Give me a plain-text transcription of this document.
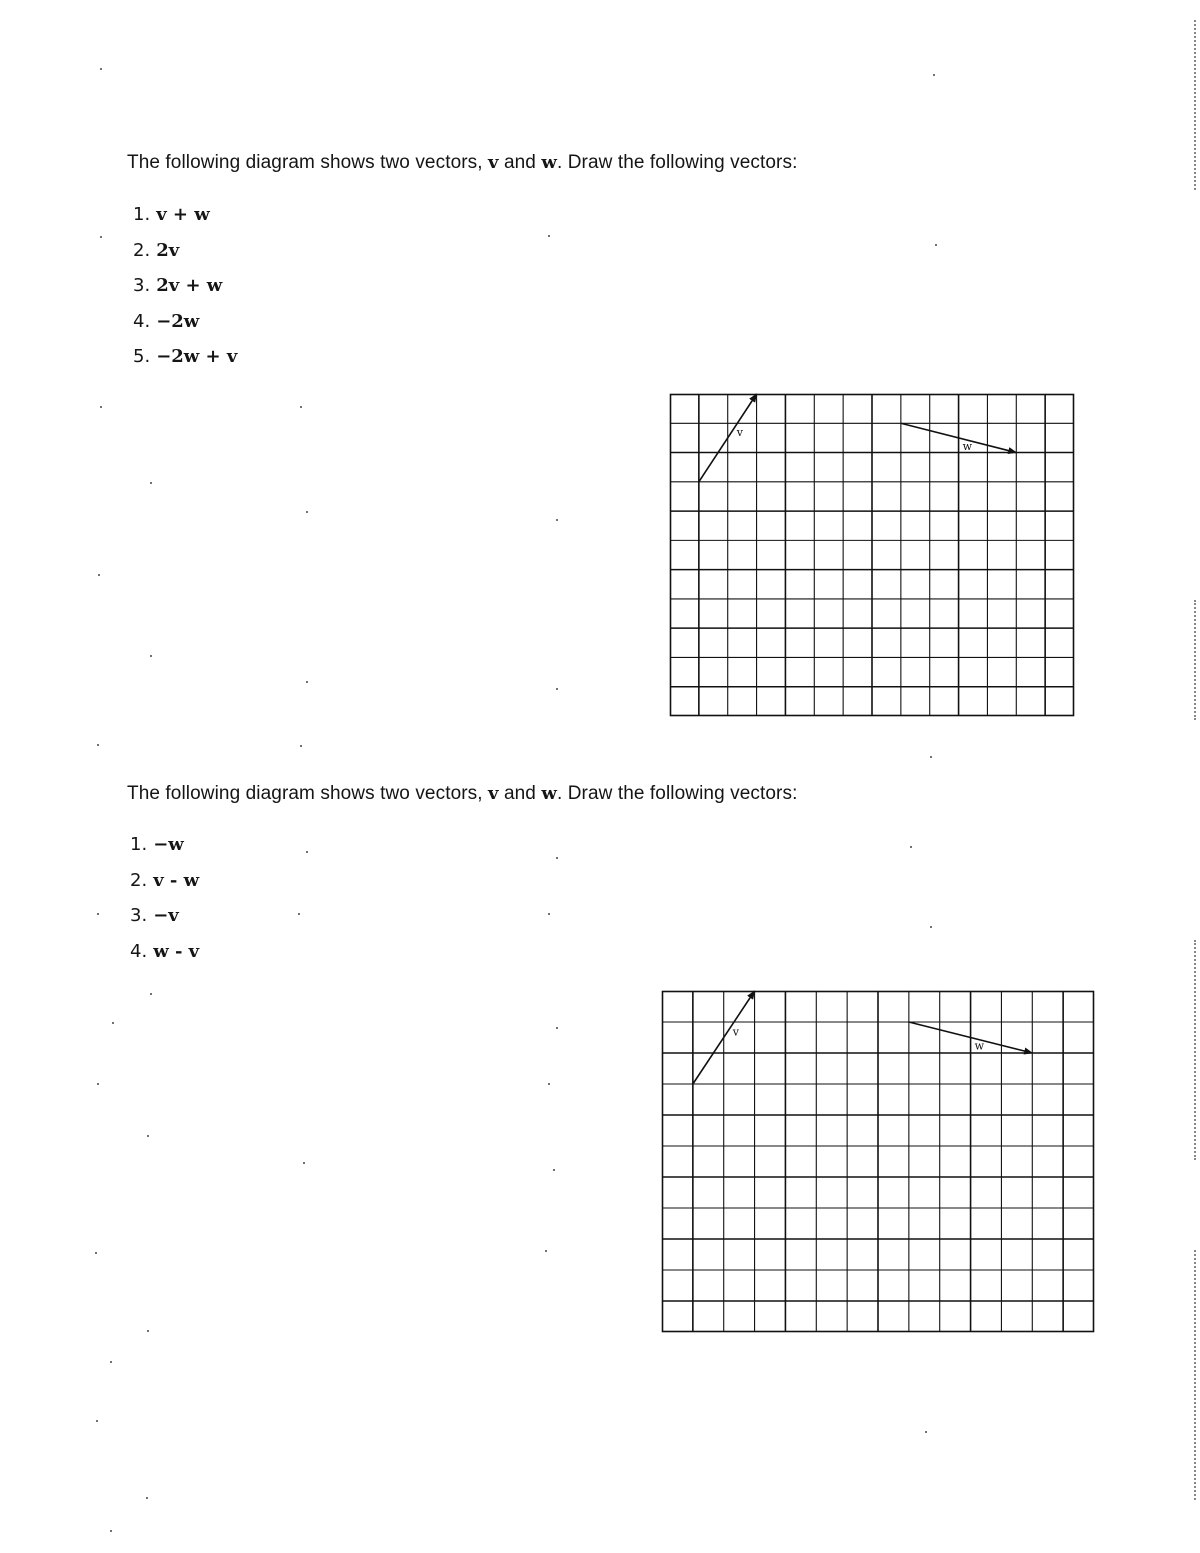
The following diagram shows two vectors, v and w. Draw the following vectors:
1. v + w
2. 2v
3. 2v + w
4. −2w
5. −2w + v
v
w
The following diagram shows two vectors, v and w. Draw the following vectors:
1. −w
2. v - w
3. −v
4. w - v
v
w
